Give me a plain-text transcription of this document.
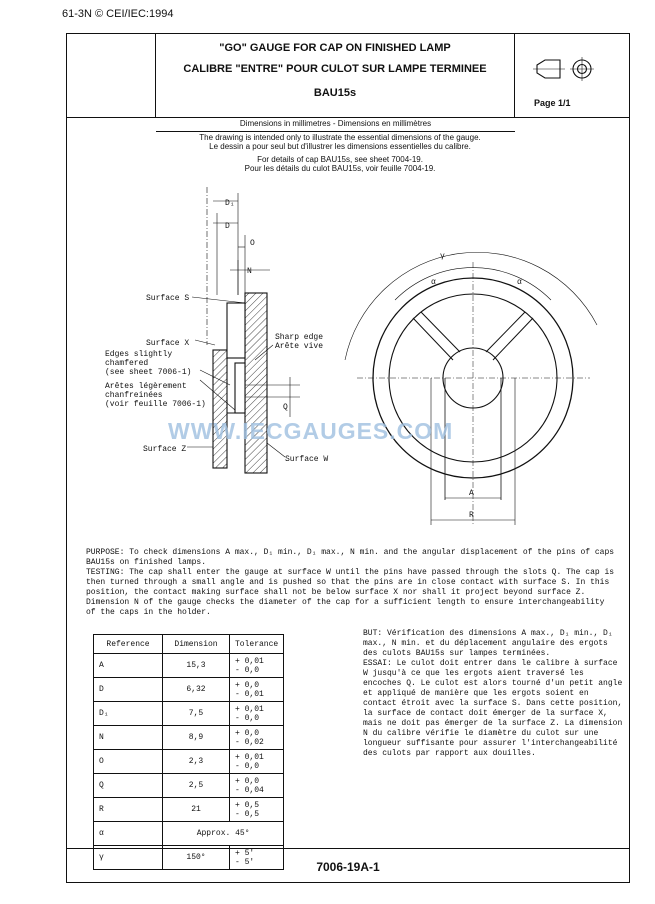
61-3N © CEI/IEC:1994
"GO" GAUGE FOR CAP ON FINISHED LAMP
CALIBRE "ENTRE" POUR CULOT SUR LAMPE TERMINEE
BAU15s
Page 1/1
Dimensions in millimetres - Dimensions en millimètres
The drawing is intended only to illustrate the essential dimensions of the gauge.
Le dessin a pour seul but d'illustrer les dimensions essentielles du calibre.
For details of cap BAU15s, see sheet 7004-19.
Pour les détails du culot BAU15s, voir feuille 7004-19.
D₁
D
O
N
Q
Surface S
Surface X
Edges slightly
chamfered
(see sheet 7006-1)
Arêtes légèrement
chanfreinées
(voir feuille 7006-1)
Sharp edge
Arête vive
Surface Z
Surface W
γ
α	α
A
R
WWW.IECGAUGES.COM

PURPOSE: To check dimensions A max., D₁ min., D₁ max., N min. and the angular displacement of the pins of caps BAU15s on finished lamps.

TESTING: The cap shall enter the gauge at surface W until the pins have passed through the slots Q. The cap is then turned through a small angle and is pushed so that the pins are in close contact with surface S. In this position, the contact making surface shall not be below surface X nor shall it project beyond surface Z. Dimension N of the gauge checks the diameter of the cap for a sufficient length to ensure interchangeability of the caps in the holder.

Reference	Dimension	Tolerance
A	15,3	+ 0,01
- 0,0

D	6,32	+ 0,0
- 0,01

D₁	7,5	+ 0,01
- 0,0

N	8,9	+ 0,0
- 0,02

O	2,3	+ 0,01
- 0,0

Q	2,5	+ 0,0
- 0,04

R	21	+ 0,5
- 0,5

α	Approx. 45°	
γ	150°	+ 5'
- 5'

BUT: Vérification des dimensions A max., D₁ min., D₁ max., N min. et du déplacement angulaire des ergots des culots BAU15s sur lampes terminées.

ESSAI: Le culot doit entrer dans le calibre à surface W jusqu'à ce que les ergots aient traversé les encoches Q. Le culot est alors tourné d'un petit angle et appliqué de manière que les ergots soient en contact étroit avec la surface S. Dans cette position, la surface de contact doit émerger de la surface X, mais ne doit pas émerger de la surface Z. La dimension N du calibre vérifie le diamètre du culot sur une longueur suffisante pour assurer l'interchangeabilité des culots par rapport aux douilles.

7006-19A-1
